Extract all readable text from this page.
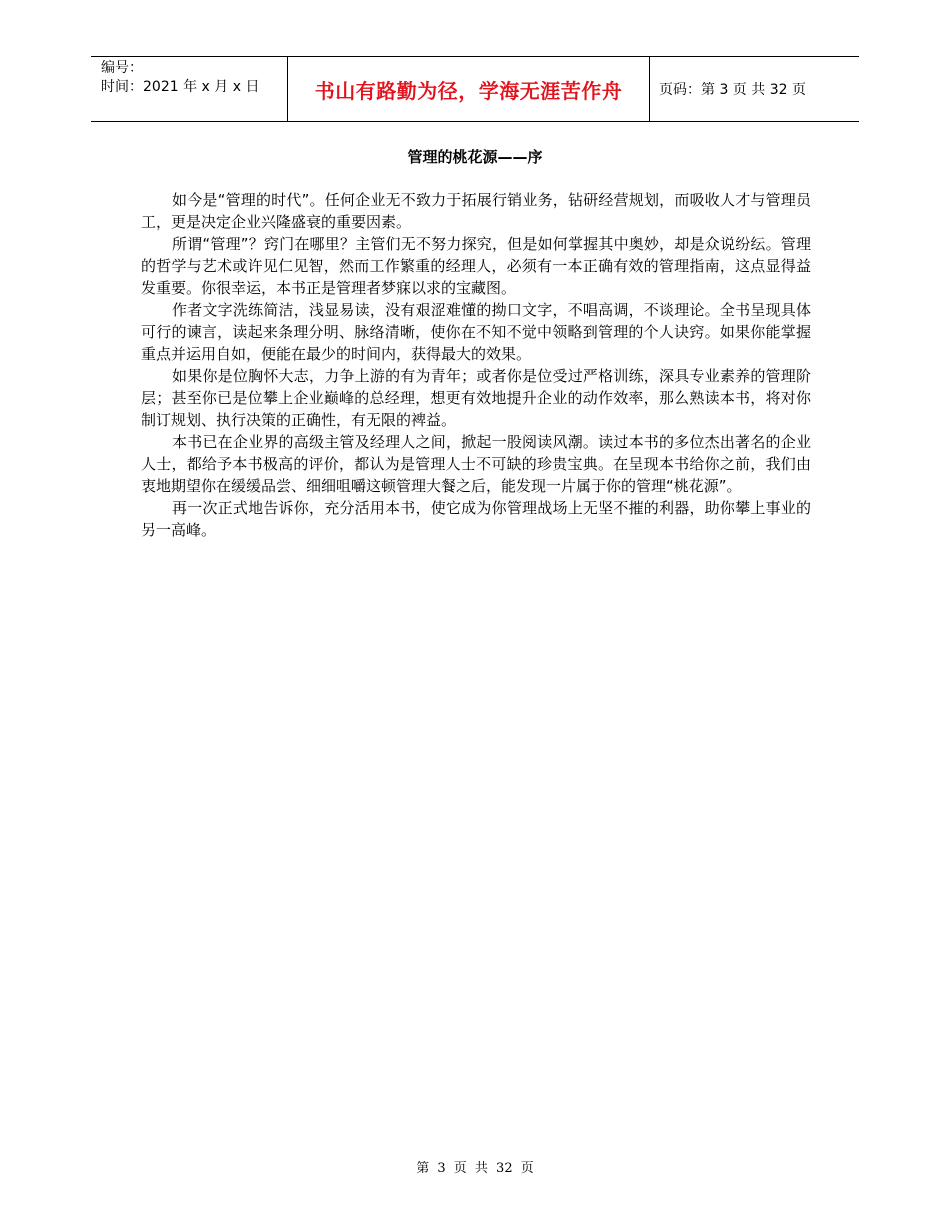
编号：
时间：2021 年 x 月 x 日	书山有路勤为径，学海无涯苦作舟	页码：第 3 页 共 32 页
管理的桃花源——序

如今是“管理的时代”。任何企业无不致力于拓展行销业务，钻研经营规划，而吸收人才与管理员工，更是决定企业兴隆盛衰的重要因素。

所谓“管理”？窍门在哪里？主管们无不努力探究，但是如何掌握其中奥妙，却是众说纷纭。管理的哲学与艺术或许见仁见智，然而工作繁重的经理人，必须有一本正确有效的管理指南，这点显得益发重要。你很幸运，本书正是管理者梦寐以求的宝藏图。

作者文字洗练简洁，浅显易读，没有艰涩难懂的拗口文字，不唱高调，不谈理论。全书呈现具体可行的谏言，读起来条理分明、脉络清晰，使你在不知不觉中领略到管理的个人诀窍。如果你能掌握重点并运用自如，便能在最少的时间内，获得最大的效果。

如果你是位胸怀大志，力争上游的有为青年；或者你是位受过严格训练，深具专业素养的管理阶层；甚至你已是位攀上企业巅峰的总经理，想更有效地提升企业的动作效率，那么熟读本书，将对你制订规划、执行决策的正确性，有无限的裨益。

本书已在企业界的高级主管及经理人之间，掀起一股阅读风潮。读过本书的多位杰出著名的企业人士，都给予本书极高的评价，都认为是管理人士不可缺的珍贵宝典。在呈现本书给你之前，我们由衷地期望你在缓缓品尝、细细咀嚼这顿管理大餐之后，能发现一片属于你的管理“桃花源”。

再一次正式地告诉你，充分活用本书，使它成为你管理战场上无坚不摧的利器，助你攀上事业的另一高峰。

第 3 页 共 32 页
